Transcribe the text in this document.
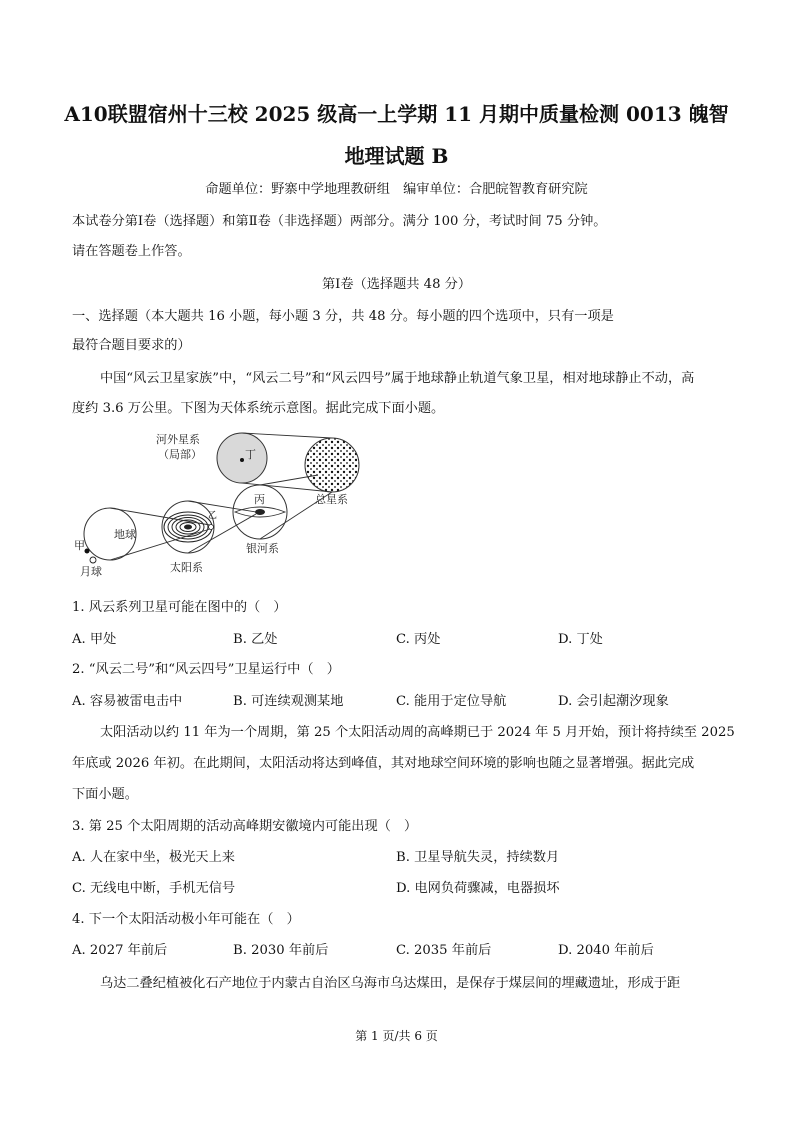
A10联盟宿州十三校 2025 级高一上学期 11 月期中质量检测 0013 魄智
地理试题 B
命题单位：野寨中学地理教研组　编审单位：合肥皖智教育研究院
本试卷分第Ⅰ卷（选择题）和第Ⅱ卷（非选择题）两部分。满分 100 分，考试时间 75 分钟。
请在答题卷上作答。
第Ⅰ卷（选择题共 48 分）
一、选择题（本大题共 16 小题，每小题 3 分，共 48 分。每小题的四个选项中，只有一项是
最符合题目要求的）
中国“风云卫星家族”中，“风云二号”和“风云四号”属于地球静止轨道气象卫星，相对地球静止不动，高
度约 3.6 万公里。下图为天体系统示意图。据此完成下面小题。
河外星系
（局部）	丁
总星系
丙
地球
乙
银河系
甲
月球	太阳系
1. 风云系列卫星可能在图中的（　）
A. 甲处	B. 乙处	C. 丙处	D. 丁处
2. “风云二号”和“风云四号”卫星运行中（　）
A. 容易被雷电击中	B. 可连续观测某地	C. 能用于定位导航	D. 会引起潮汐现象
太阳活动以约 11 年为一个周期，第 25 个太阳活动周的高峰期已于 2024 年 5 月开始，预计将持续至 2025
年底或 2026 年初。在此期间，太阳活动将达到峰值，其对地球空间环境的影响也随之显著增强。据此完成
下面小题。
3. 第 25 个太阳周期的活动高峰期安徽境内可能出现（　）
A. 人在家中坐，极光天上来	B. 卫星导航失灵，持续数月
C. 无线电中断，手机无信号	D. 电网负荷骤减，电器损坏
4. 下一个太阳活动极小年可能在（　）
A. 2027 年前后	B. 2030 年前后	C. 2035 年前后	D. 2040 年前后
乌达二叠纪植被化石产地位于内蒙古自治区乌海市乌达煤田，是保存于煤层间的埋藏遗址，形成于距
第 1 页/共 6 页
